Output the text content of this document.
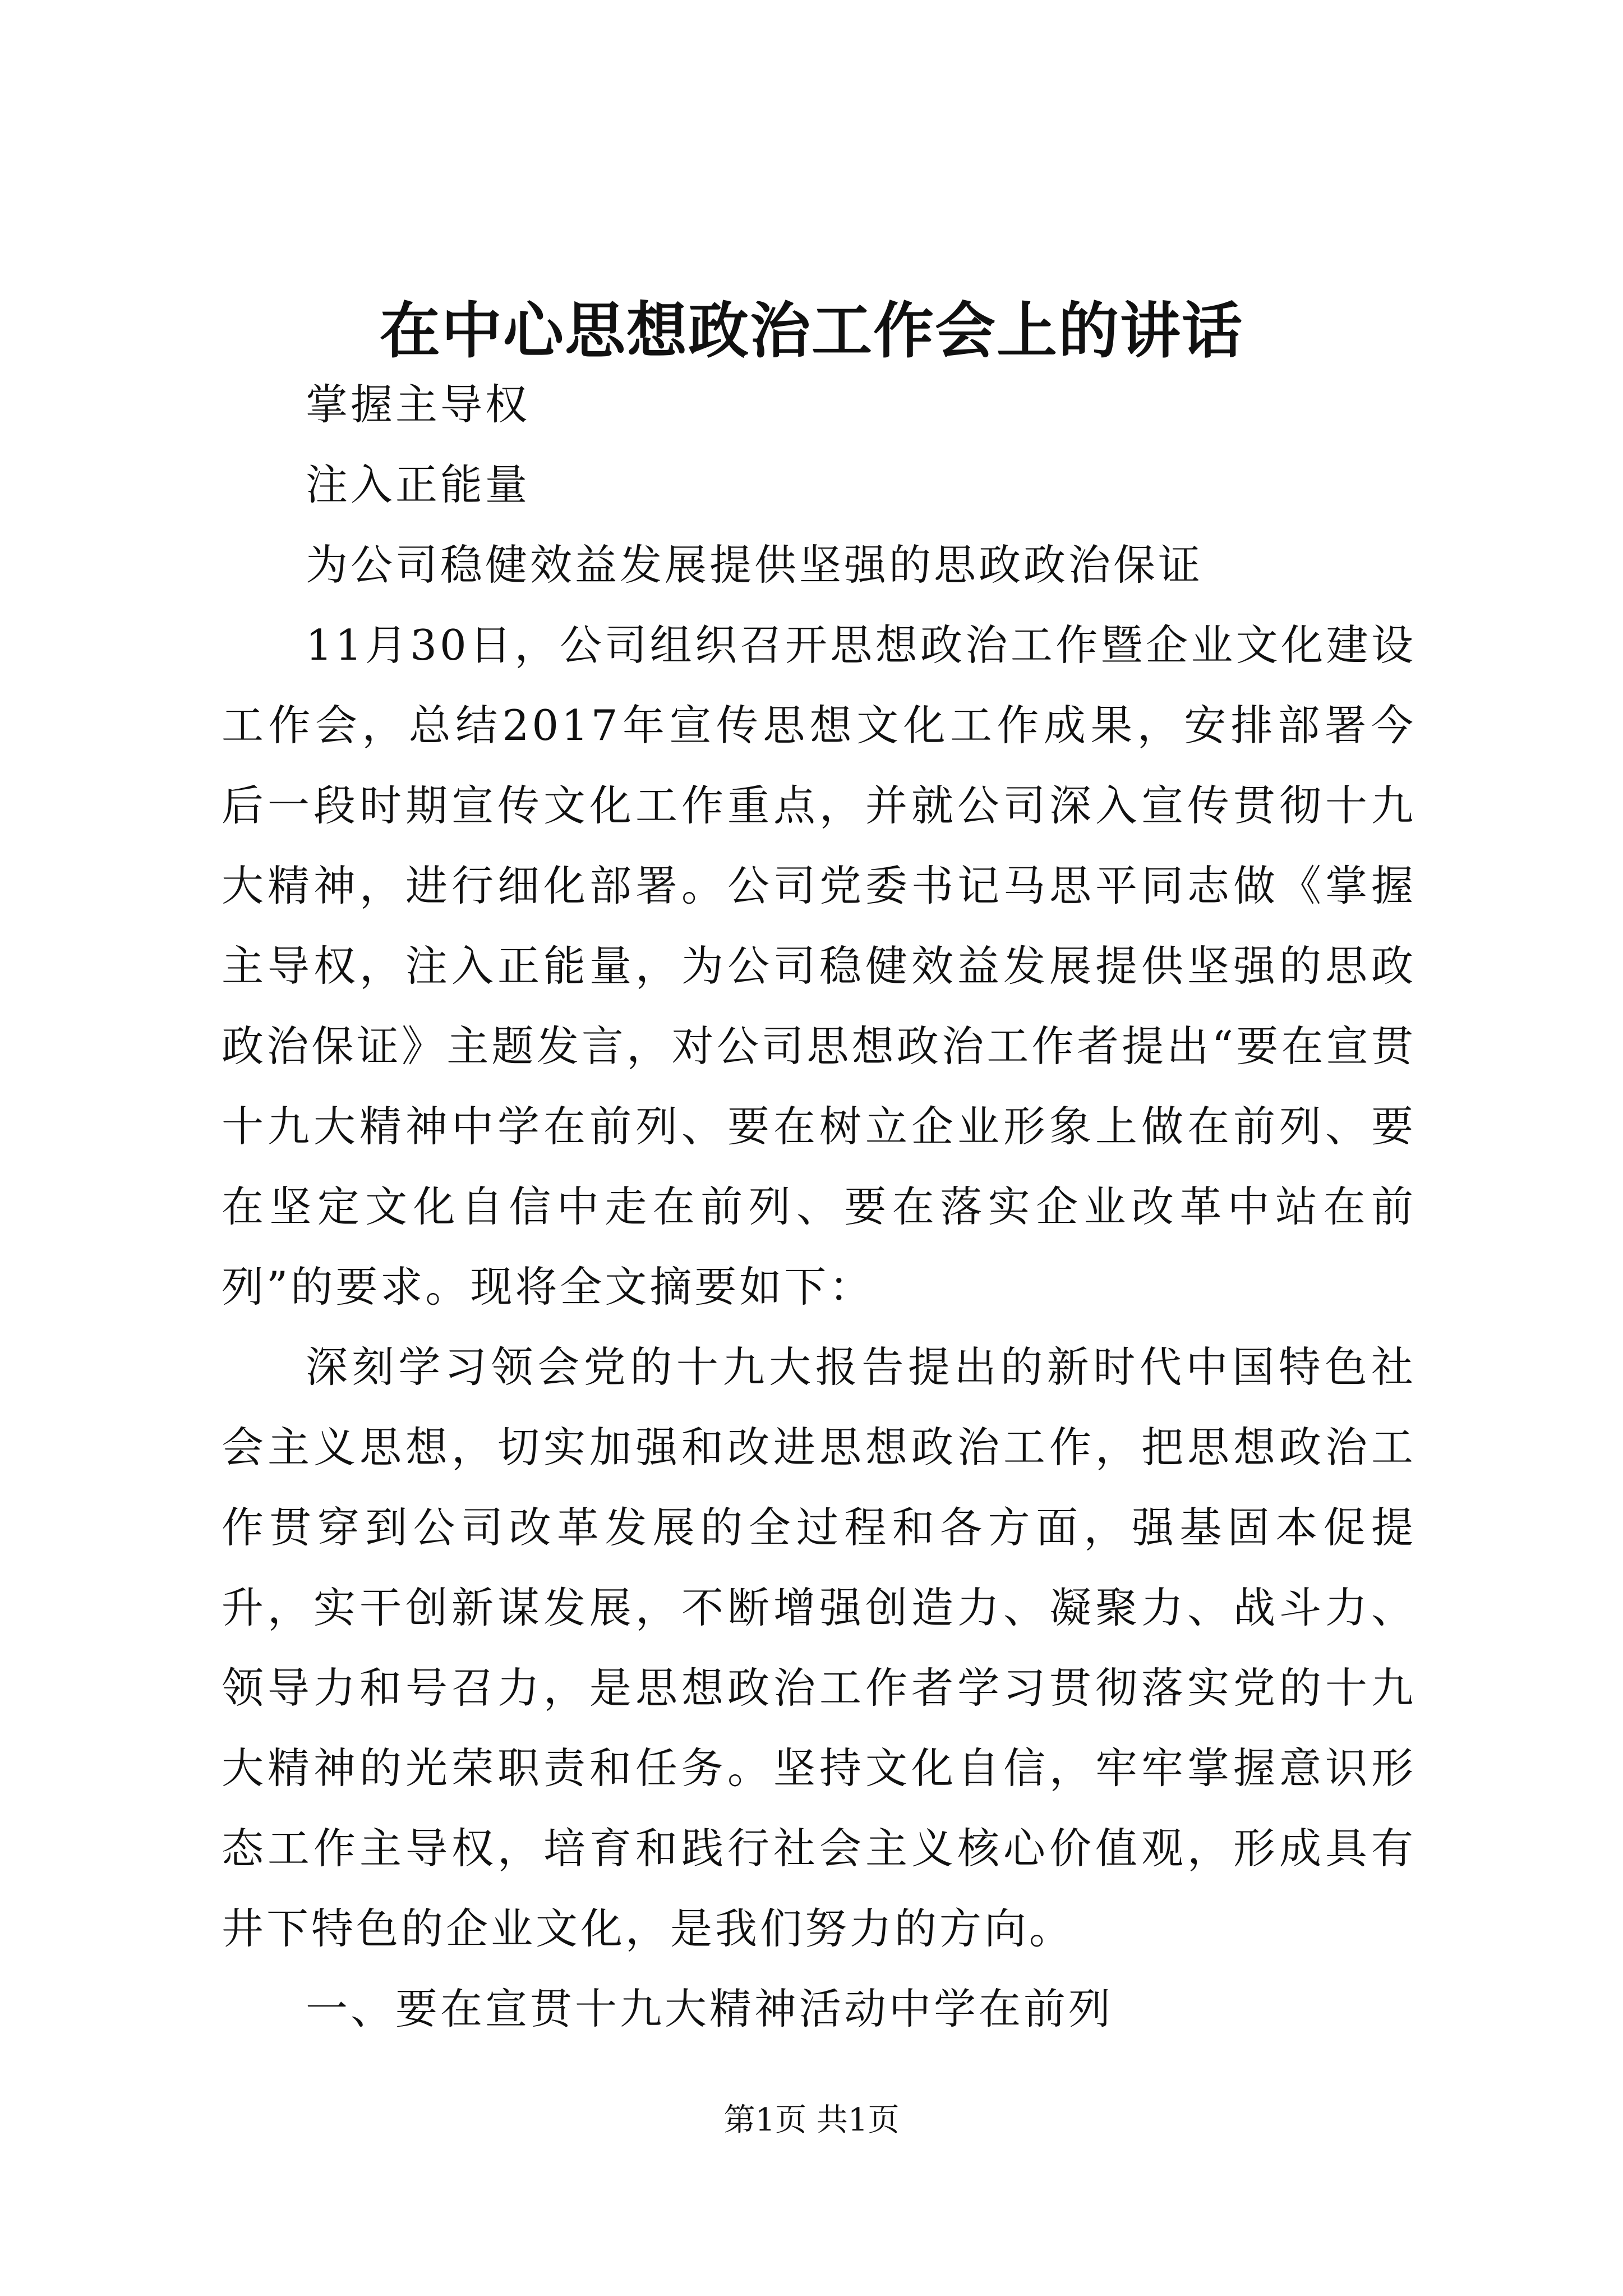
在中心思想政治工作会上的讲话

掌握主导权

注入正能量

为公司稳健效益发展提供坚强的思政政治保证

11月30日，公司组织召开思想政治工作暨企业文化建设工作会，总结2017年宣传思想文化工作成果，安排部署今后一段时期宣传文化工作重点，并就公司深入宣传贯彻十九大精神，进行细化部署。公司党委书记马思平同志做《掌握主导权，注入正能量，为公司稳健效益发展提供坚强的思政政治保证》主题发言，对公司思想政治工作者提出“要在宣贯十九大精神中学在前列、要在树立企业形象上做在前列、要在坚定文化自信中走在前列、要在落实企业改革中站在前列”的要求。现将全文摘要如下：

深刻学习领会党的十九大报告提出的新时代中国特色社会主义思想，切实加强和改进思想政治工作，把思想政治工作贯穿到公司改革发展的全过程和各方面，强基固本促提升，实干创新谋发展，不断增强创造力、凝聚力、战斗力、领导力和号召力，是思想政治工作者学习贯彻落实党的十九大精神的光荣职责和任务。坚持文化自信，牢牢掌握意识形态工作主导权，培育和践行社会主义核心价值观，形成具有井下特色的企业文化，是我们努力的方向。

一、要在宣贯十九大精神活动中学在前列

第1页 共1页
